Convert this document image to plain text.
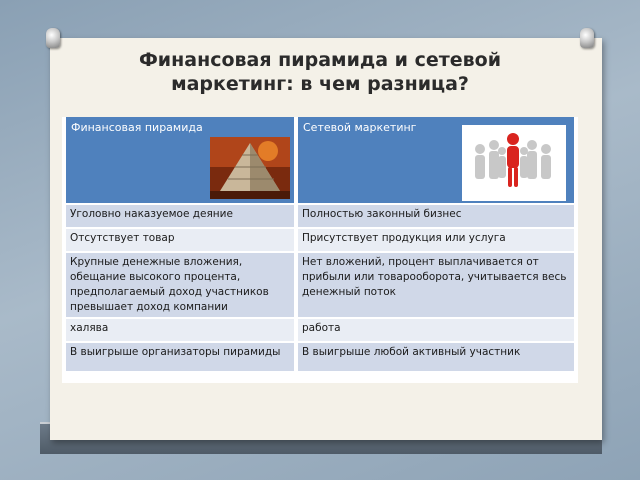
Финансовая пирамида и сетевой маркетинг: в чем разница?
Финансовая пирамида
Уголовно наказуемое деяние
Отсутствует товар
Крупные денежные вложения, обещание высокого процента, предполагаемый доход участников превышает доход компании
халява
В выигрыше организаторы пирамиды
Сетевой маркетинг
Полностью законный бизнес
Присутствует продукция или услуга
Нет вложений, процент выплачивается от прибыли или товарооборота, учитывается весь денежный поток
работа
В выигрыше любой активный участник
